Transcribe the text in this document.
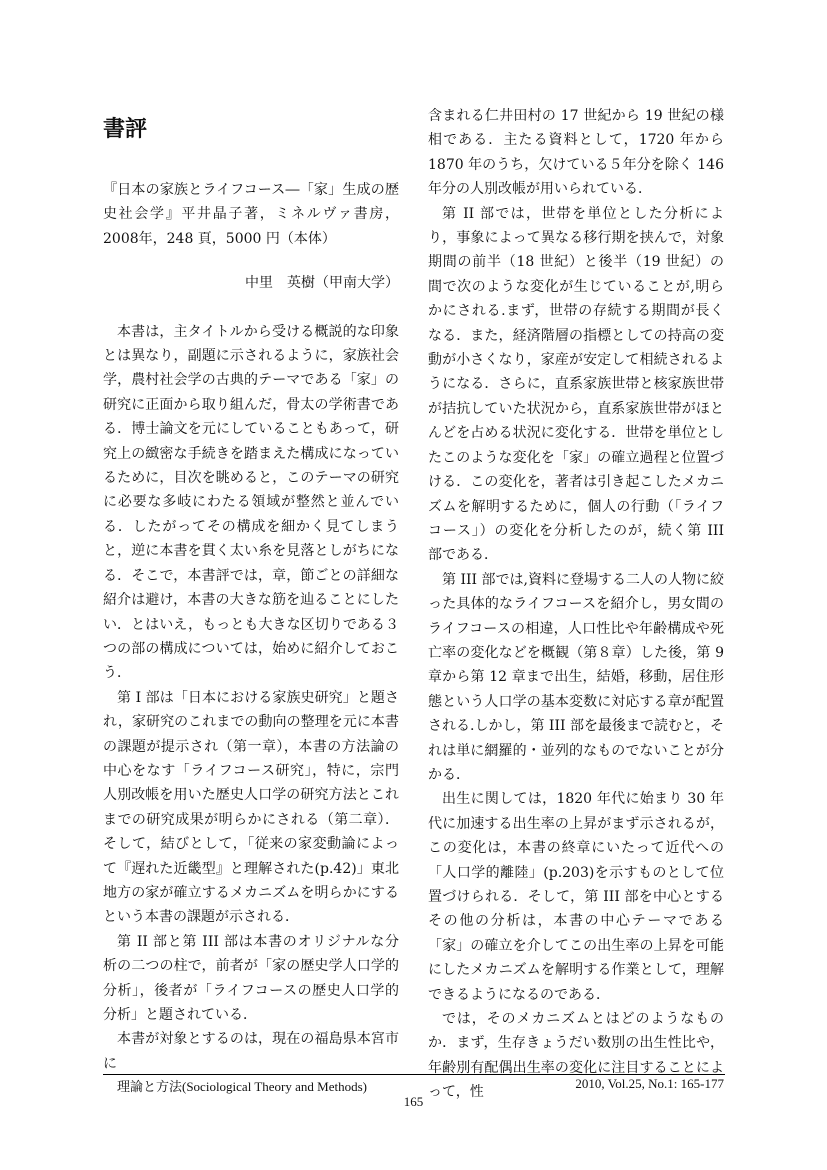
書評

『日本の家族とライフコース―「家」生成の歴史社会学』平井晶子著，ミネルヴァ書房，2008年，248 頁，5000 円（本体）

中里　英樹（甲南大学）

本書は，主タイトルから受ける概説的な印象とは異なり，副題に示されるように，家族社会学，農村社会学の古典的テーマである「家」の研究に正面から取り組んだ，骨太の学術書である．博士論文を元にしていることもあって，研究上の緻密な手続きを踏まえた構成になっているために，目次を眺めると，このテーマの研究に必要な多岐にわたる領域が整然と並んでいる．したがってその構成を細かく見てしまうと，逆に本書を貫く太い糸を見落としがちになる．そこで，本書評では，章，節ごとの詳細な紹介は避け，本書の大きな筋を辿ることにしたい．とはいえ，もっとも大きな区切りである３つの部の構成については，始めに紹介しておこう．

第 I 部は「日本における家族史研究」と題され，家研究のこれまでの動向の整理を元に本書の課題が提示され（第一章），本書の方法論の中心をなす「ライフコース研究」，特に，宗門人別改帳を用いた歴史人口学の研究方法とこれまでの研究成果が明らかにされる（第二章）．そして，結びとして，「従来の家変動論によって『遅れた近畿型』と理解された(p.42)」東北地方の家が確立するメカニズムを明らかにするという本書の課題が示される．

第 II 部と第 III 部は本書のオリジナルな分析の二つの柱で，前者が「家の歴史学人口学的分析」，後者が「ライフコースの歴史人口学的分析」と題されている．

本書が対象とするのは，現在の福島県本宮市に

含まれる仁井田村の 17 世紀から 19 世紀の様相である．主たる資料として，1720 年から 1870 年のうち，欠けている５年分を除く 146 年分の人別改帳が用いられている．

第 II 部では，世帯を単位とした分析により，事象によって異なる移行期を挟んで，対象期間の前半（18 世紀）と後半（19 世紀）の間で次のような変化が生じていることが,明らかにされる.まず，世帯の存続する期間が長くなる．また，経済階層の指標としての持高の変動が小さくなり，家産が安定して相続されるようになる．さらに，直系家族世帯と核家族世帯が拮抗していた状況から，直系家族世帯がほとんどを占める状況に変化する．世帯を単位としたこのような変化を「家」の確立過程と位置づける．この変化を，著者は引き起こしたメカニズムを解明するために，個人の行動（「ライフコース」）の変化を分析したのが，続く第 III 部である．

第 III 部では,資料に登場する二人の人物に絞った具体的なライフコースを紹介し，男女間のライフコースの相違，人口性比や年齢構成や死亡率の変化などを概観（第８章）した後，第 9 章から第 12 章まで出生，結婚，移動，居住形態という人口学の基本変数に対応する章が配置される.しかし，第 III 部を最後まで読むと，それは単に網羅的・並列的なものでないことが分かる．

出生に関しては，1820 年代に始まり 30 年代に加速する出生率の上昇がまず示されるが，この変化は，本書の終章にいたって近代への「人口学的離陸」(p.203)を示すものとして位置づけられる．そして，第 III 部を中心とするその他の分析は，本書の中心テーマである「家」の確立を介してこの出生率の上昇を可能にしたメカニズムを解明する作業として，理解できるようになるのである．

では，そのメカニズムとはどのようなものか．まず，生存きょうだい数別の出生性比や，年齢別有配偶出生率の変化に注目することによって，性

理論と方法(Sociological Theory and Methods)	2010, Vol.25, No.1: 165-177
165
